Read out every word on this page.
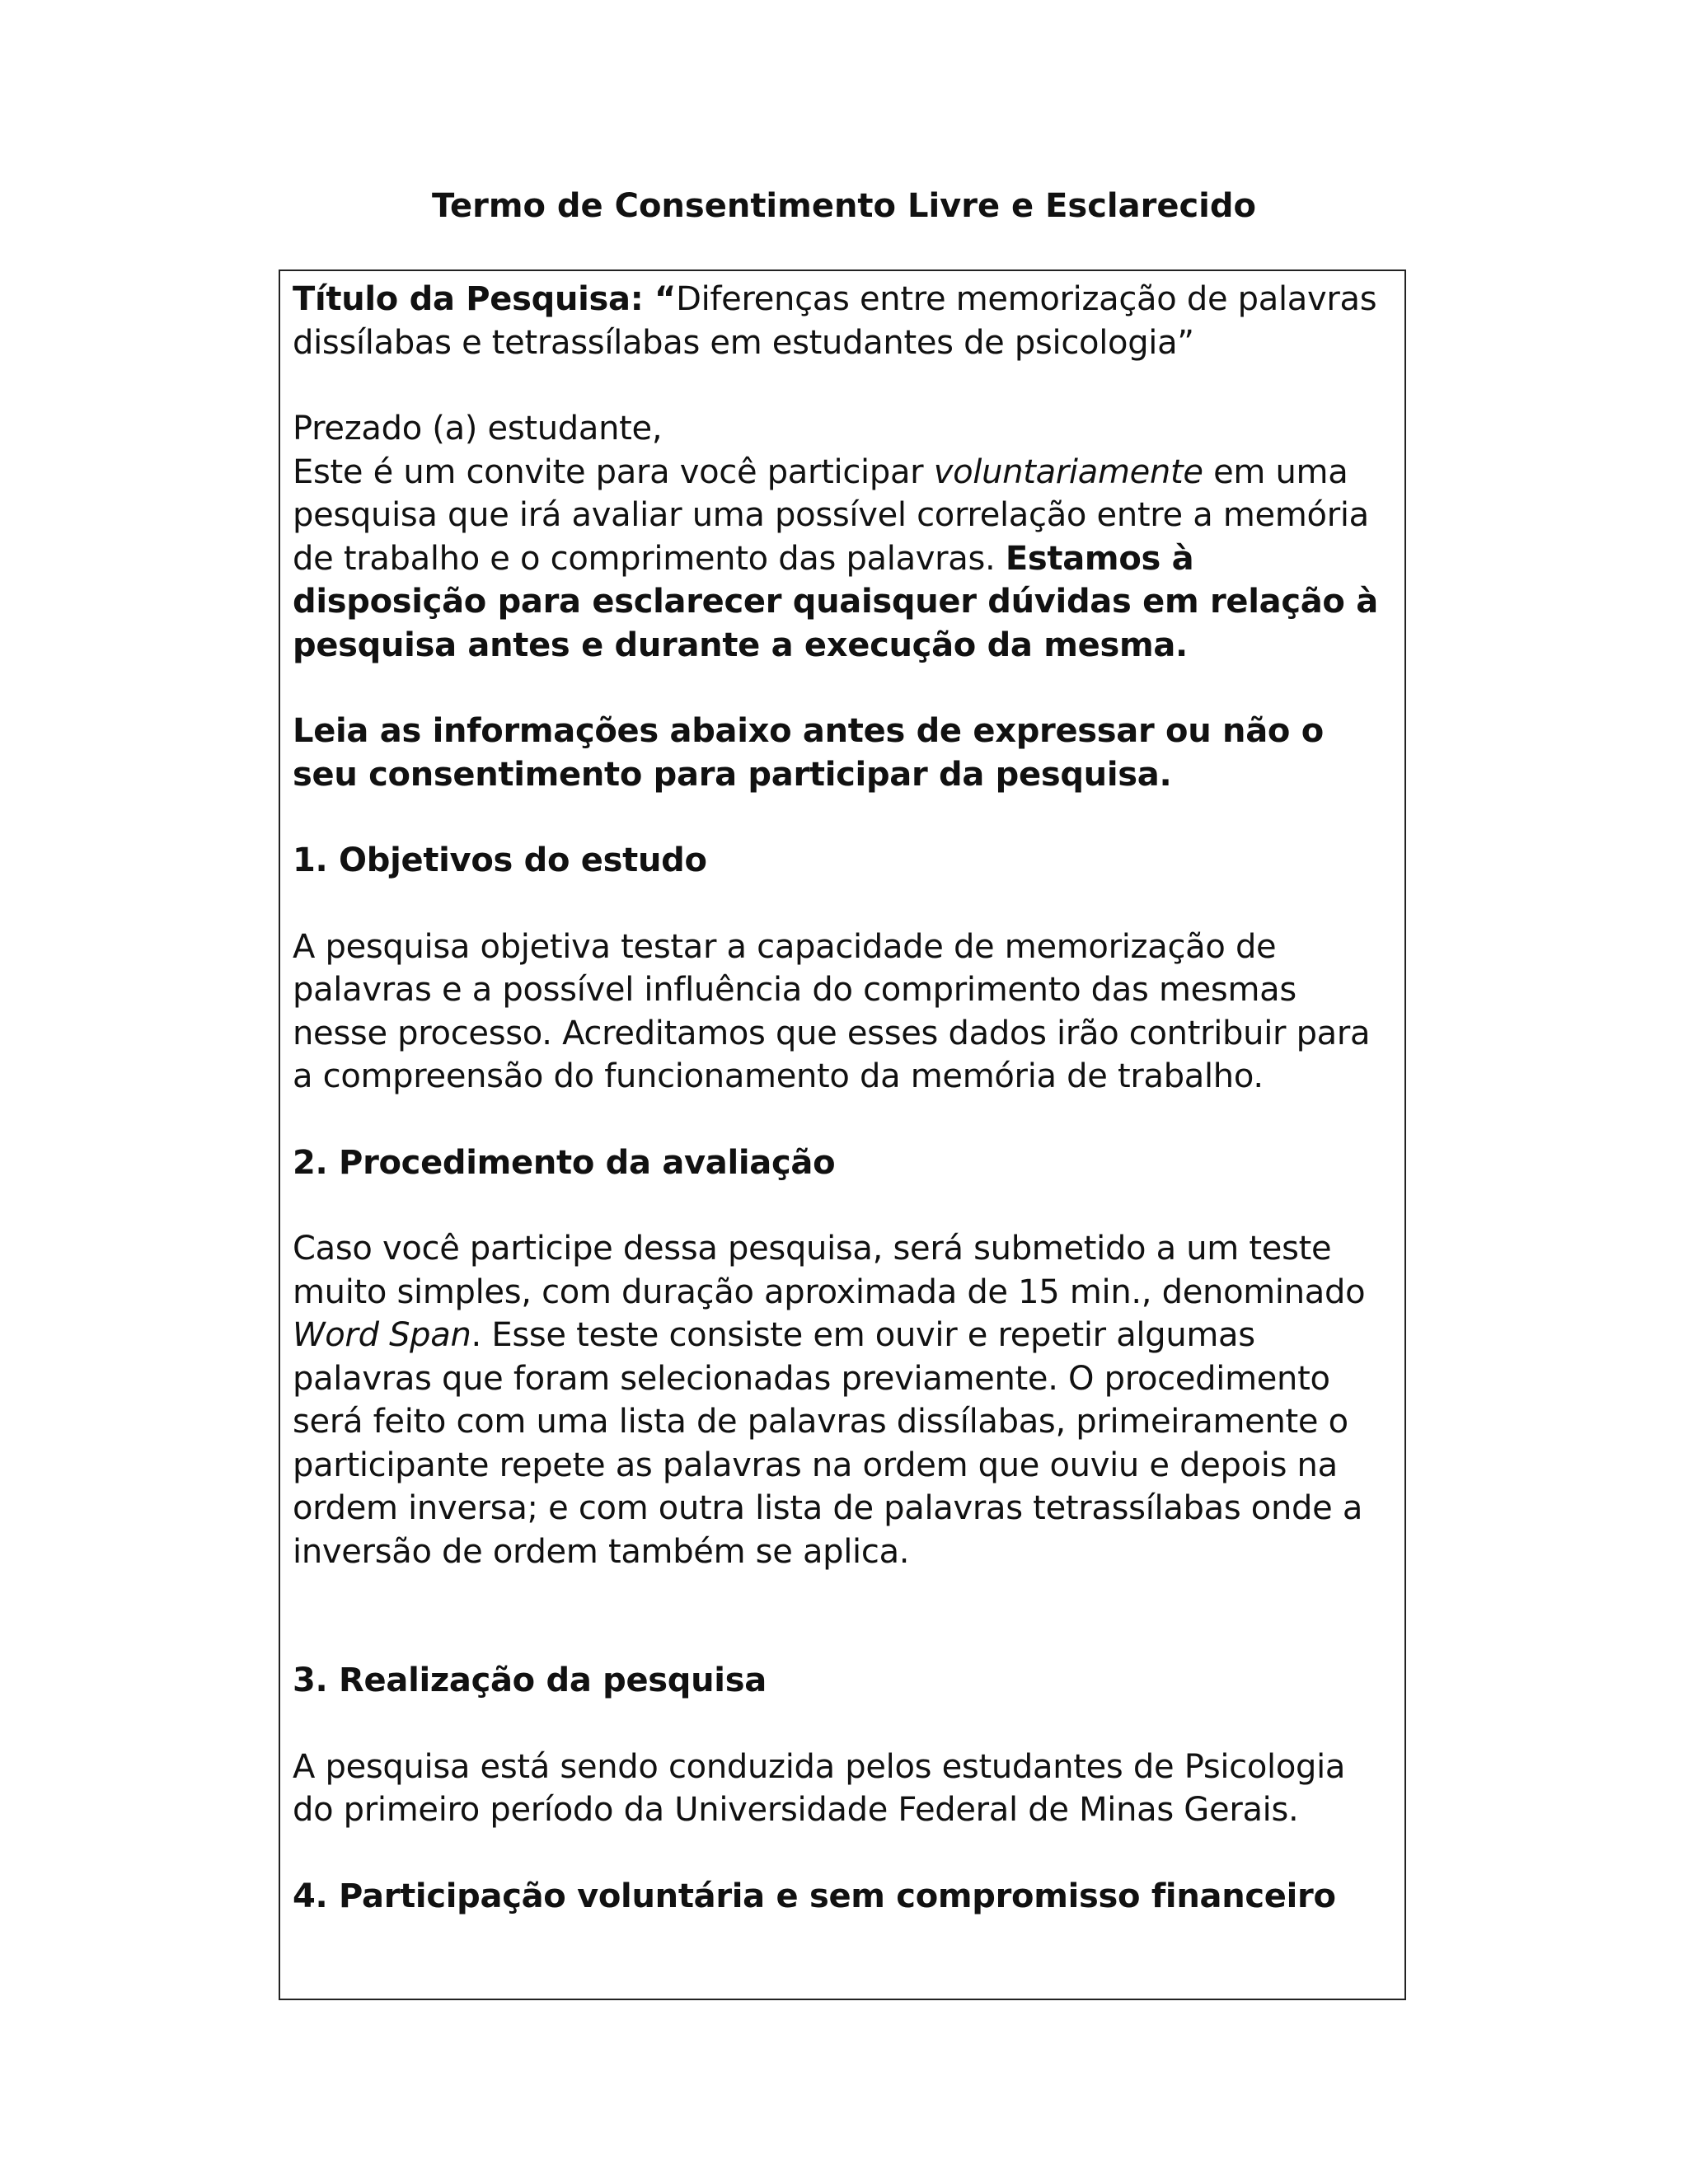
Termo de Consentimento Livre e Esclarecido

Título da Pesquisa: “Diferenças entre memorização de palavras dissílabas e tetrassílabas em estudantes de psicologia”

Prezado (a) estudante,

Este é um convite para você participar voluntariamente em uma pesquisa que irá avaliar uma possível correlação entre a memória de trabalho e o comprimento das palavras. Estamos à disposição para esclarecer quaisquer dúvidas em relação à pesquisa antes e durante a execução da mesma.

Leia as informações abaixo antes de expressar ou não o seu consentimento para participar da pesquisa.

1. Objetivos do estudo

A pesquisa objetiva testar a capacidade de memorização de palavras e a possível influência do comprimento das mesmas nesse processo. Acreditamos que esses dados irão contribuir para a compreensão do funcionamento da memória de trabalho.

2. Procedimento da avaliação

Caso você participe dessa pesquisa, será submetido a um teste muito simples, com duração aproximada de 15 min., denominado Word Span. Esse teste consiste em ouvir e repetir algumas palavras que foram selecionadas previamente. O procedimento será feito com uma lista de palavras dissílabas, primeiramente o participante repete as palavras na ordem que ouviu e depois na ordem inversa; e com outra lista de palavras tetrassílabas onde a inversão de ordem também se aplica.

3. Realização da pesquisa

A pesquisa está sendo conduzida pelos estudantes de Psicologia do primeiro período da Universidade Federal de Minas Gerais.

4. Participação voluntária e sem compromisso financeiro
